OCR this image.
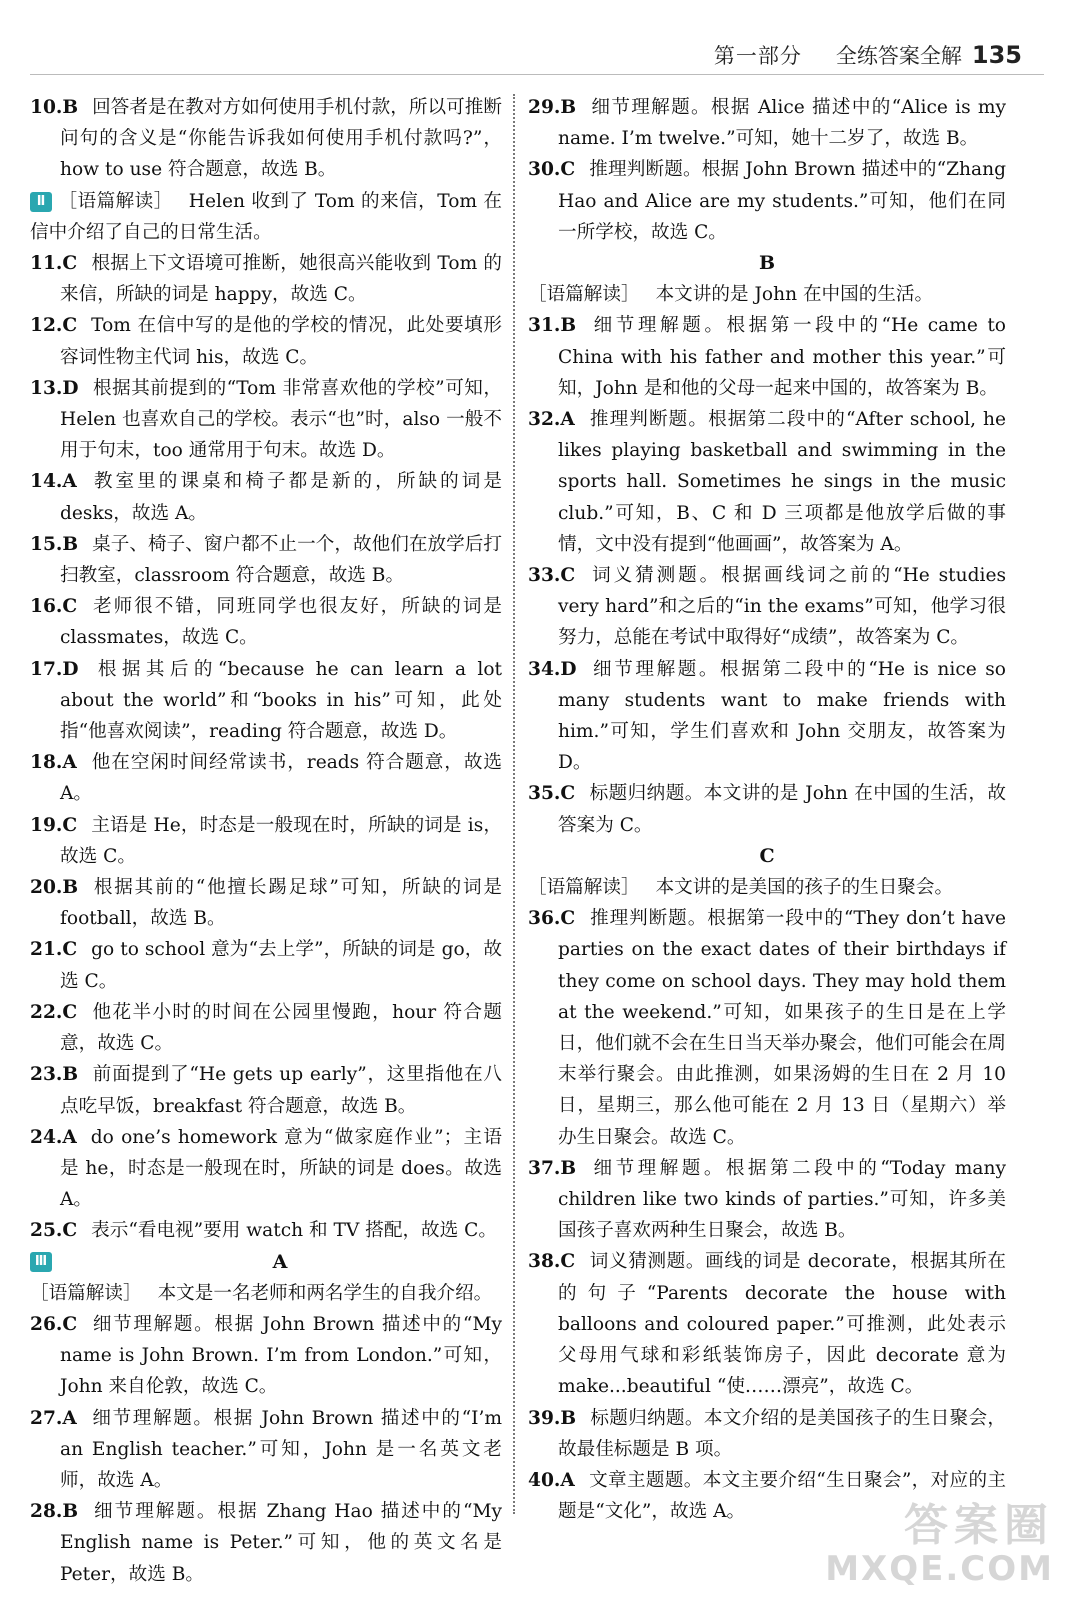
第一部分 全练答案全解 135

10.B 回答者是在教对方如何使用手机付款，所以可推断问句的含义是“你能告诉我如何使用手机付款吗?”，how to use 符合题意，故选 B。

Ⅱ ［语篇解读］ Helen 收到了 Tom 的来信，Tom 在信中介绍了自己的日常生活。

11.C 根据上下文语境可推断，她很高兴能收到 Tom 的来信，所缺的词是 happy，故选 C。

12.C Tom 在信中写的是他的学校的情况，此处要填形容词性物主代词 his，故选 C。

13.D 根据其前提到的“Tom 非常喜欢他的学校”可知，Helen 也喜欢自己的学校。表示“也”时，also 一般不用于句末，too 通常用于句末。故选 D。

14.A 教室里的课桌和椅子都是新的，所缺的词是 desks，故选 A。

15.B 桌子、椅子、窗户都不止一个，故他们在放学后打扫教室，classroom 符合题意，故选 B。

16.C 老师很不错，同班同学也很友好，所缺的词是 classmates，故选 C。

17.D 根据其后的“because he can learn a lot about the world”和“books in his”可知，此处指“他喜欢阅读”，reading 符合题意，故选 D。

18.A 他在空闲时间经常读书，reads 符合题意，故选 A。

19.C 主语是 He，时态是一般现在时，所缺的词是 is，故选 C。

20.B 根据其前的“他擅长踢足球”可知，所缺的词是 football，故选 B。

21.C go to school 意为“去上学”，所缺的词是 go，故选 C。

22.C 他花半小时的时间在公园里慢跑，hour 符合题意，故选 C。

23.B 前面提到了“He gets up early”，这里指他在八点吃早饭，breakfast 符合题意，故选 B。

24.A do one’s homework 意为“做家庭作业”；主语是 he，时态是一般现在时，所缺的词是 does。故选 A。

25.C 表示“看电视”要用 watch 和 TV 搭配，故选 C。

Ⅲ	A

［语篇解读］ 本文是一名老师和两名学生的自我介绍。

26.C 细节理解题。根据 John Brown 描述中的“My name is John Brown. I’m from London.”可知，John 来自伦敦，故选 C。

27.A 细节理解题。根据 John Brown 描述中的“I’m an English teacher.”可知，John 是一名英文老师，故选 A。

28.B 细节理解题。根据 Zhang Hao 描述中的“My English name is Peter.”可知，他的英文名是 Peter，故选 B。

29.B 细节理解题。根据 Alice 描述中的“Alice is my name. I’m twelve.”可知，她十二岁了，故选 B。

30.C 推理判断题。根据 John Brown 描述中的“Zhang Hao and Alice are my students.”可知，他们在同一所学校，故选 C。

B

［语篇解读］ 本文讲的是 John 在中国的生活。

31.B 细节理解题。根据第一段中的“He came to China with his father and mother this year.”可知，John 是和他的父母一起来中国的，故答案为 B。

32.A 推理判断题。根据第二段中的“After school, he likes playing basketball and swimming in the sports hall. Sometimes he sings in the music club.”可知，B、C 和 D 三项都是他放学后做的事情，文中没有提到“他画画”，故答案为 A。

33.C 词义猜测题。根据画线词之前的“He studies very hard”和之后的“in the exams”可知，他学习很努力，总能在考试中取得好“成绩”，故答案为 C。

34.D 细节理解题。根据第二段中的“He is nice so many students want to make friends with him.”可知，学生们喜欢和 John 交朋友，故答案为 D。

35.C 标题归纳题。本文讲的是 John 在中国的生活，故答案为 C。

C

［语篇解读］ 本文讲的是美国的孩子的生日聚会。

36.C 推理判断题。根据第一段中的“They don’t have parties on the exact dates of their birthdays if they come on school days. They may hold them at the weekend.”可知，如果孩子的生日是在上学日，他们就不会在生日当天举办聚会，他们可能会在周末举行聚会。由此推测，如果汤姆的生日在 2 月 10 日，星期三，那么他可能在 2 月 13 日（星期六）举办生日聚会。故选 C。

37.B 细节理解题。根据第二段中的“Today many children like two kinds of parties.”可知，许多美国孩子喜欢两种生日聚会，故选 B。

38.C 词义猜测题。画线的词是 decorate，根据其所在的句子“Parents decorate the house with balloons and coloured paper.”可推测，此处表示父母用气球和彩纸装饰房子，因此 decorate 意为 make...beautiful “使……漂亮”，故选 C。

39.B 标题归纳题。本文介绍的是美国孩子的生日聚会，故最佳标题是 B 项。

40.A 文章主题题。本文主要介绍“生日聚会”，对应的主题是“文化”，故选 A。	答案圈
MXQE.COM
